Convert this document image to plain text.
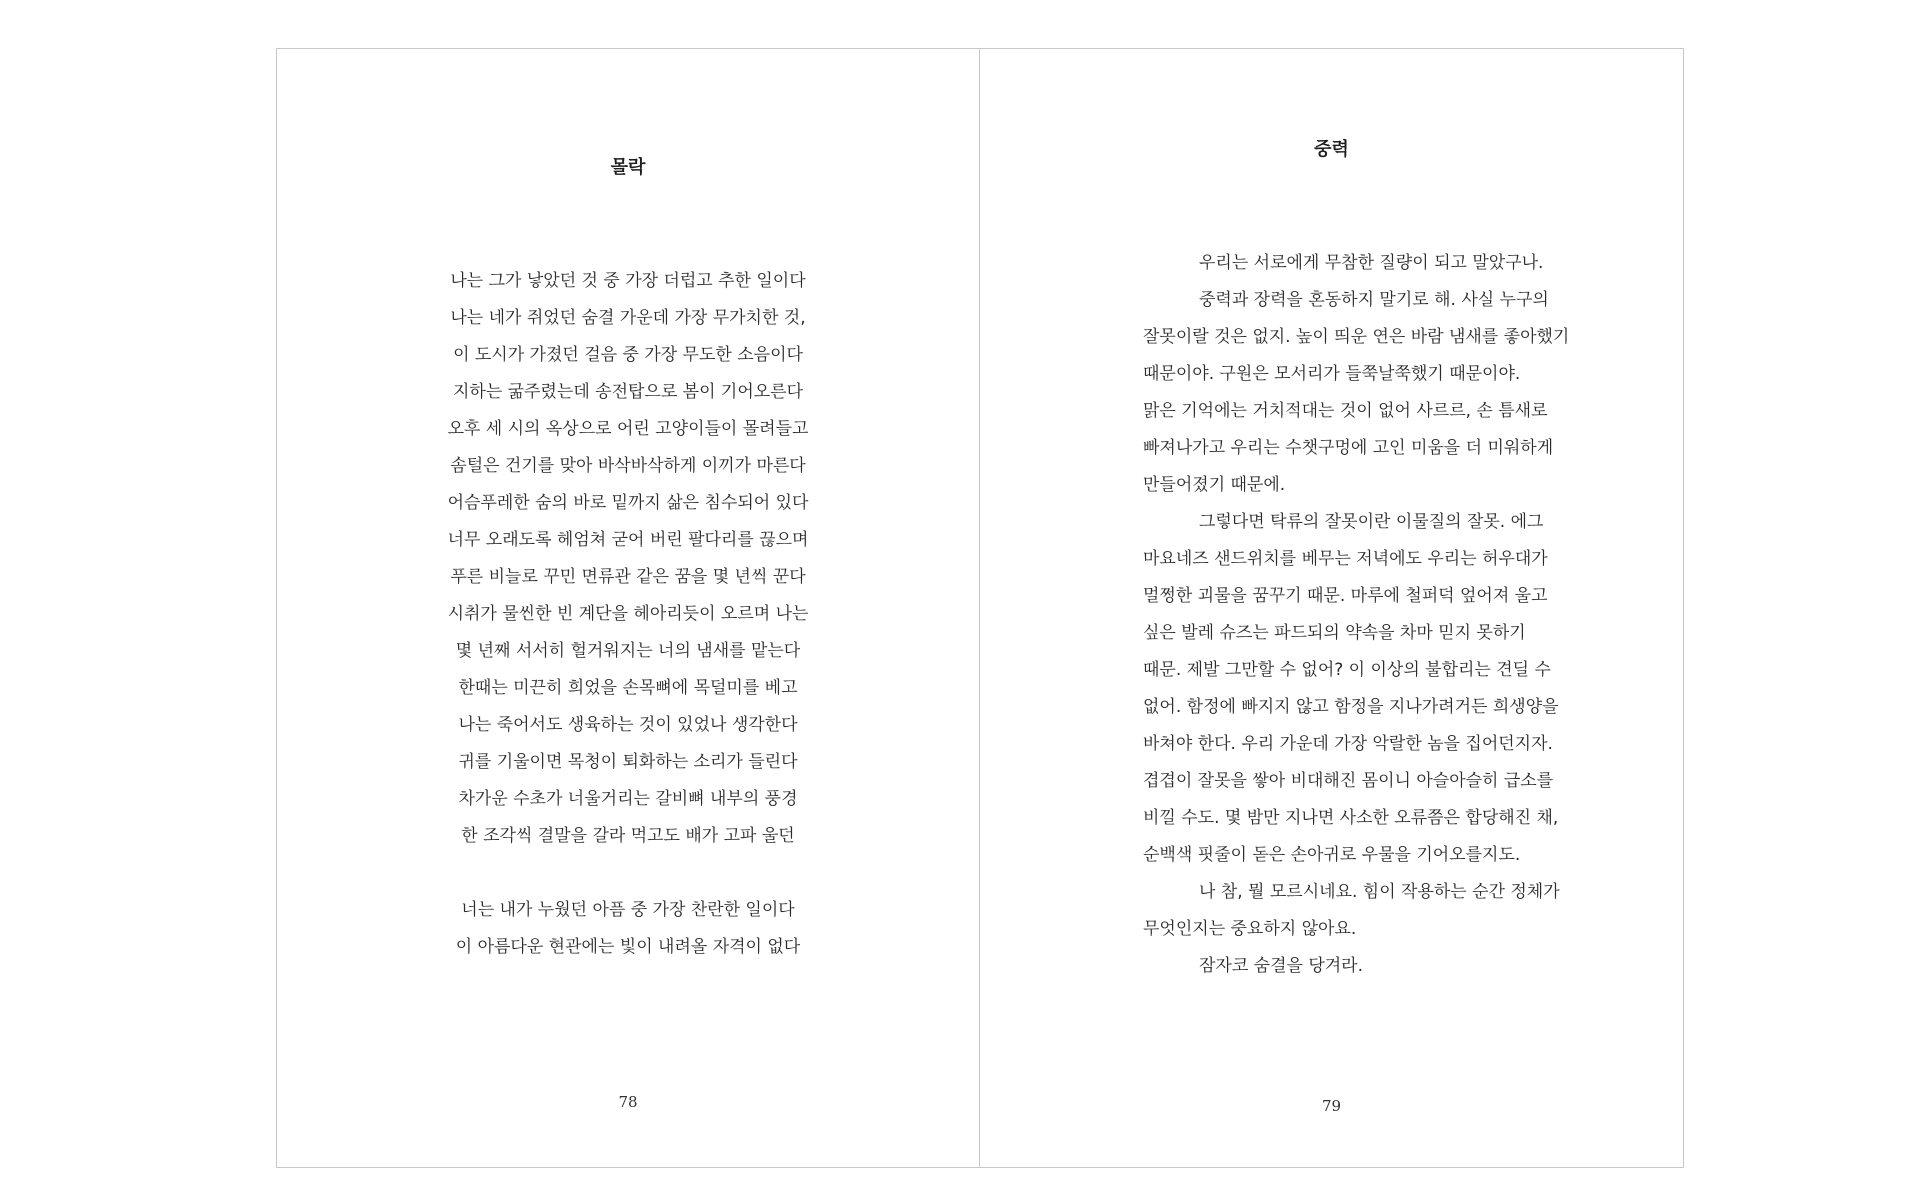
몰락
나는 그가 낳았던 것 중 가장 더럽고 추한 일이다
나는 네가 쥐었던 숨결 가운데 가장 무가치한 것,
이 도시가 가졌던 걸음 중 가장 무도한 소음이다
지하는 굶주렸는데 송전탑으로 봄이 기어오른다
오후 세 시의 옥상으로 어린 고양이들이 몰려들고
솜털은 건기를 맞아 바삭바삭하게 이끼가 마른다
어슴푸레한 숨의 바로 밑까지 삶은 침수되어 있다
너무 오래도록 헤엄쳐 굳어 버린 팔다리를 끊으며
푸른 비늘로 꾸민 면류관 같은 꿈을 몇 년씩 꾼다
시취가 물씬한 빈 계단을 헤아리듯이 오르며 나는
몇 년째 서서히 헐거워지는 너의 냄새를 맡는다
한때는 미끈히 희었을 손목뼈에 목덜미를 베고
나는 죽어서도 생육하는 것이 있었나 생각한다
귀를 기울이면 목청이 퇴화하는 소리가 들린다
차가운 수초가 너울거리는 갈비뼈 내부의 풍경
한 조각씩 결말을 갈라 먹고도 배가 고파 울던
너는 내가 누웠던 아픔 중 가장 찬란한 일이다
이 아름다운 현관에는 빛이 내려올 자격이 없다
78
중력
우리는 서로에게 무참한 질량이 되고 말았구나.
중력과 장력을 혼동하지 말기로 해. 사실 누구의
잘못이랄 것은 없지. 높이 띄운 연은 바람 냄새를 좋아했기
때문이야. 구원은 모서리가 들쭉날쭉했기 때문이야.
맑은 기억에는 거치적대는 것이 없어 사르르, 손 틈새로
빠져나가고 우리는 수챗구멍에 고인 미움을 더 미워하게
만들어졌기 때문에.
그렇다면 탁류의 잘못이란 이물질의 잘못. 에그
마요네즈 샌드위치를 베무는 저녁에도 우리는 허우대가
멀쩡한 괴물을 꿈꾸기 때문. 마루에 철퍼덕 엎어져 울고
싶은 발레 슈즈는 파드되의 약속을 차마 믿지 못하기
때문. 제발 그만할 수 없어? 이 이상의 불합리는 견딜 수
없어. 함정에 빠지지 않고 함정을 지나가려거든 희생양을
바쳐야 한다. 우리 가운데 가장 악랄한 놈을 집어던지자.
겹겹이 잘못을 쌓아 비대해진 몸이니 아슬아슬히 급소를
비낄 수도. 몇 밤만 지나면 사소한 오류쯤은 합당해진 채,
순백색 핏줄이 돋은 손아귀로 우물을 기어오를지도.
나 참, 뭘 모르시네요. 힘이 작용하는 순간 정체가
무엇인지는 중요하지 않아요.
잠자코 숨결을 당겨라.
79
